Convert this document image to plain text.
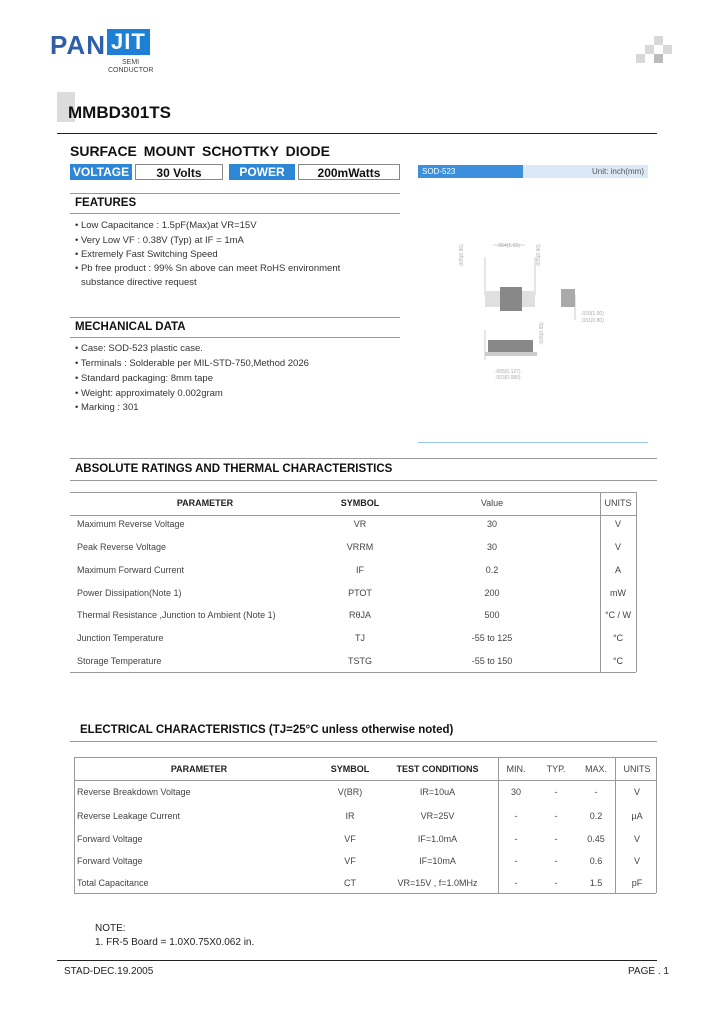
PAN JIT
SEMI
CONDUCTOR
MMBD301TS
SURFACE MOUNT SCHOTTKY DIODE
VOLTAGE	30 Volts	POWER	200mWatts	SOD-523	Unit: inch(mm)
.064(1.65)
.035(0.90)	.035(0.90)
.039(1.00)
.031(0.80)
.005(0.127)
.003(0.080)
.026(0.65)
FEATURES
• Low Capacitance : 1.5pF(Max)at VR=15V
• Very Low VF : 0.38V (Typ) at IF = 1mA
• Extremely Fast Switching Speed
• Pb free product : 99% Sn above can meet RoHS environment
substance directive request
MECHANICAL DATA
• Case: SOD-523 plastic case.
• Terminals : Solderable per MIL-STD-750,Method 2026
• Standard packaging: 8mm tape
• Weight: approximately 0.002gram
• Marking : 301
ABSOLUTE RATINGS AND THERMAL CHARACTERISTICS
PARAMETER	SYMBOL	Value	UNITS
Maximum Reverse Voltage	VR	30	V
Peak Reverse Voltage	VRRM	30	V
Maximum Forward Current	IF	0.2	A
Power Dissipation(Note 1)	PTOT	200	mW
Thermal Resistance ,Junction to Ambient (Note 1)	RθJA	500	°C / W
Junction Temperature	TJ	-55 to 125	°C
Storage Temperature	TSTG	-55 to 150	°C
ELECTRICAL CHARACTERISTICS (TJ=25°C unless otherwise noted)
PARAMETER	SYMBOL	TEST CONDITIONS	MIN.	TYP.	MAX.	UNITS
Reverse Breakdown Voltage	V(BR)	IR=10uA	30	-	-	V
Reverse Leakage Current	IR	VR=25V	-	-	0.2	µA
Forward Voltage	VF	IF=1.0mA	-	-	0.45	V
Forward Voltage	VF	IF=10mA	-	-	0.6	V
Total Capacitance	CT	VR=15V , f=1.0MHz	-	-	1.5	pF
NOTE:
1. FR-5 Board = 1.0X0.75X0.062 in.
STAD-DEC.19.2005	PAGE . 1
